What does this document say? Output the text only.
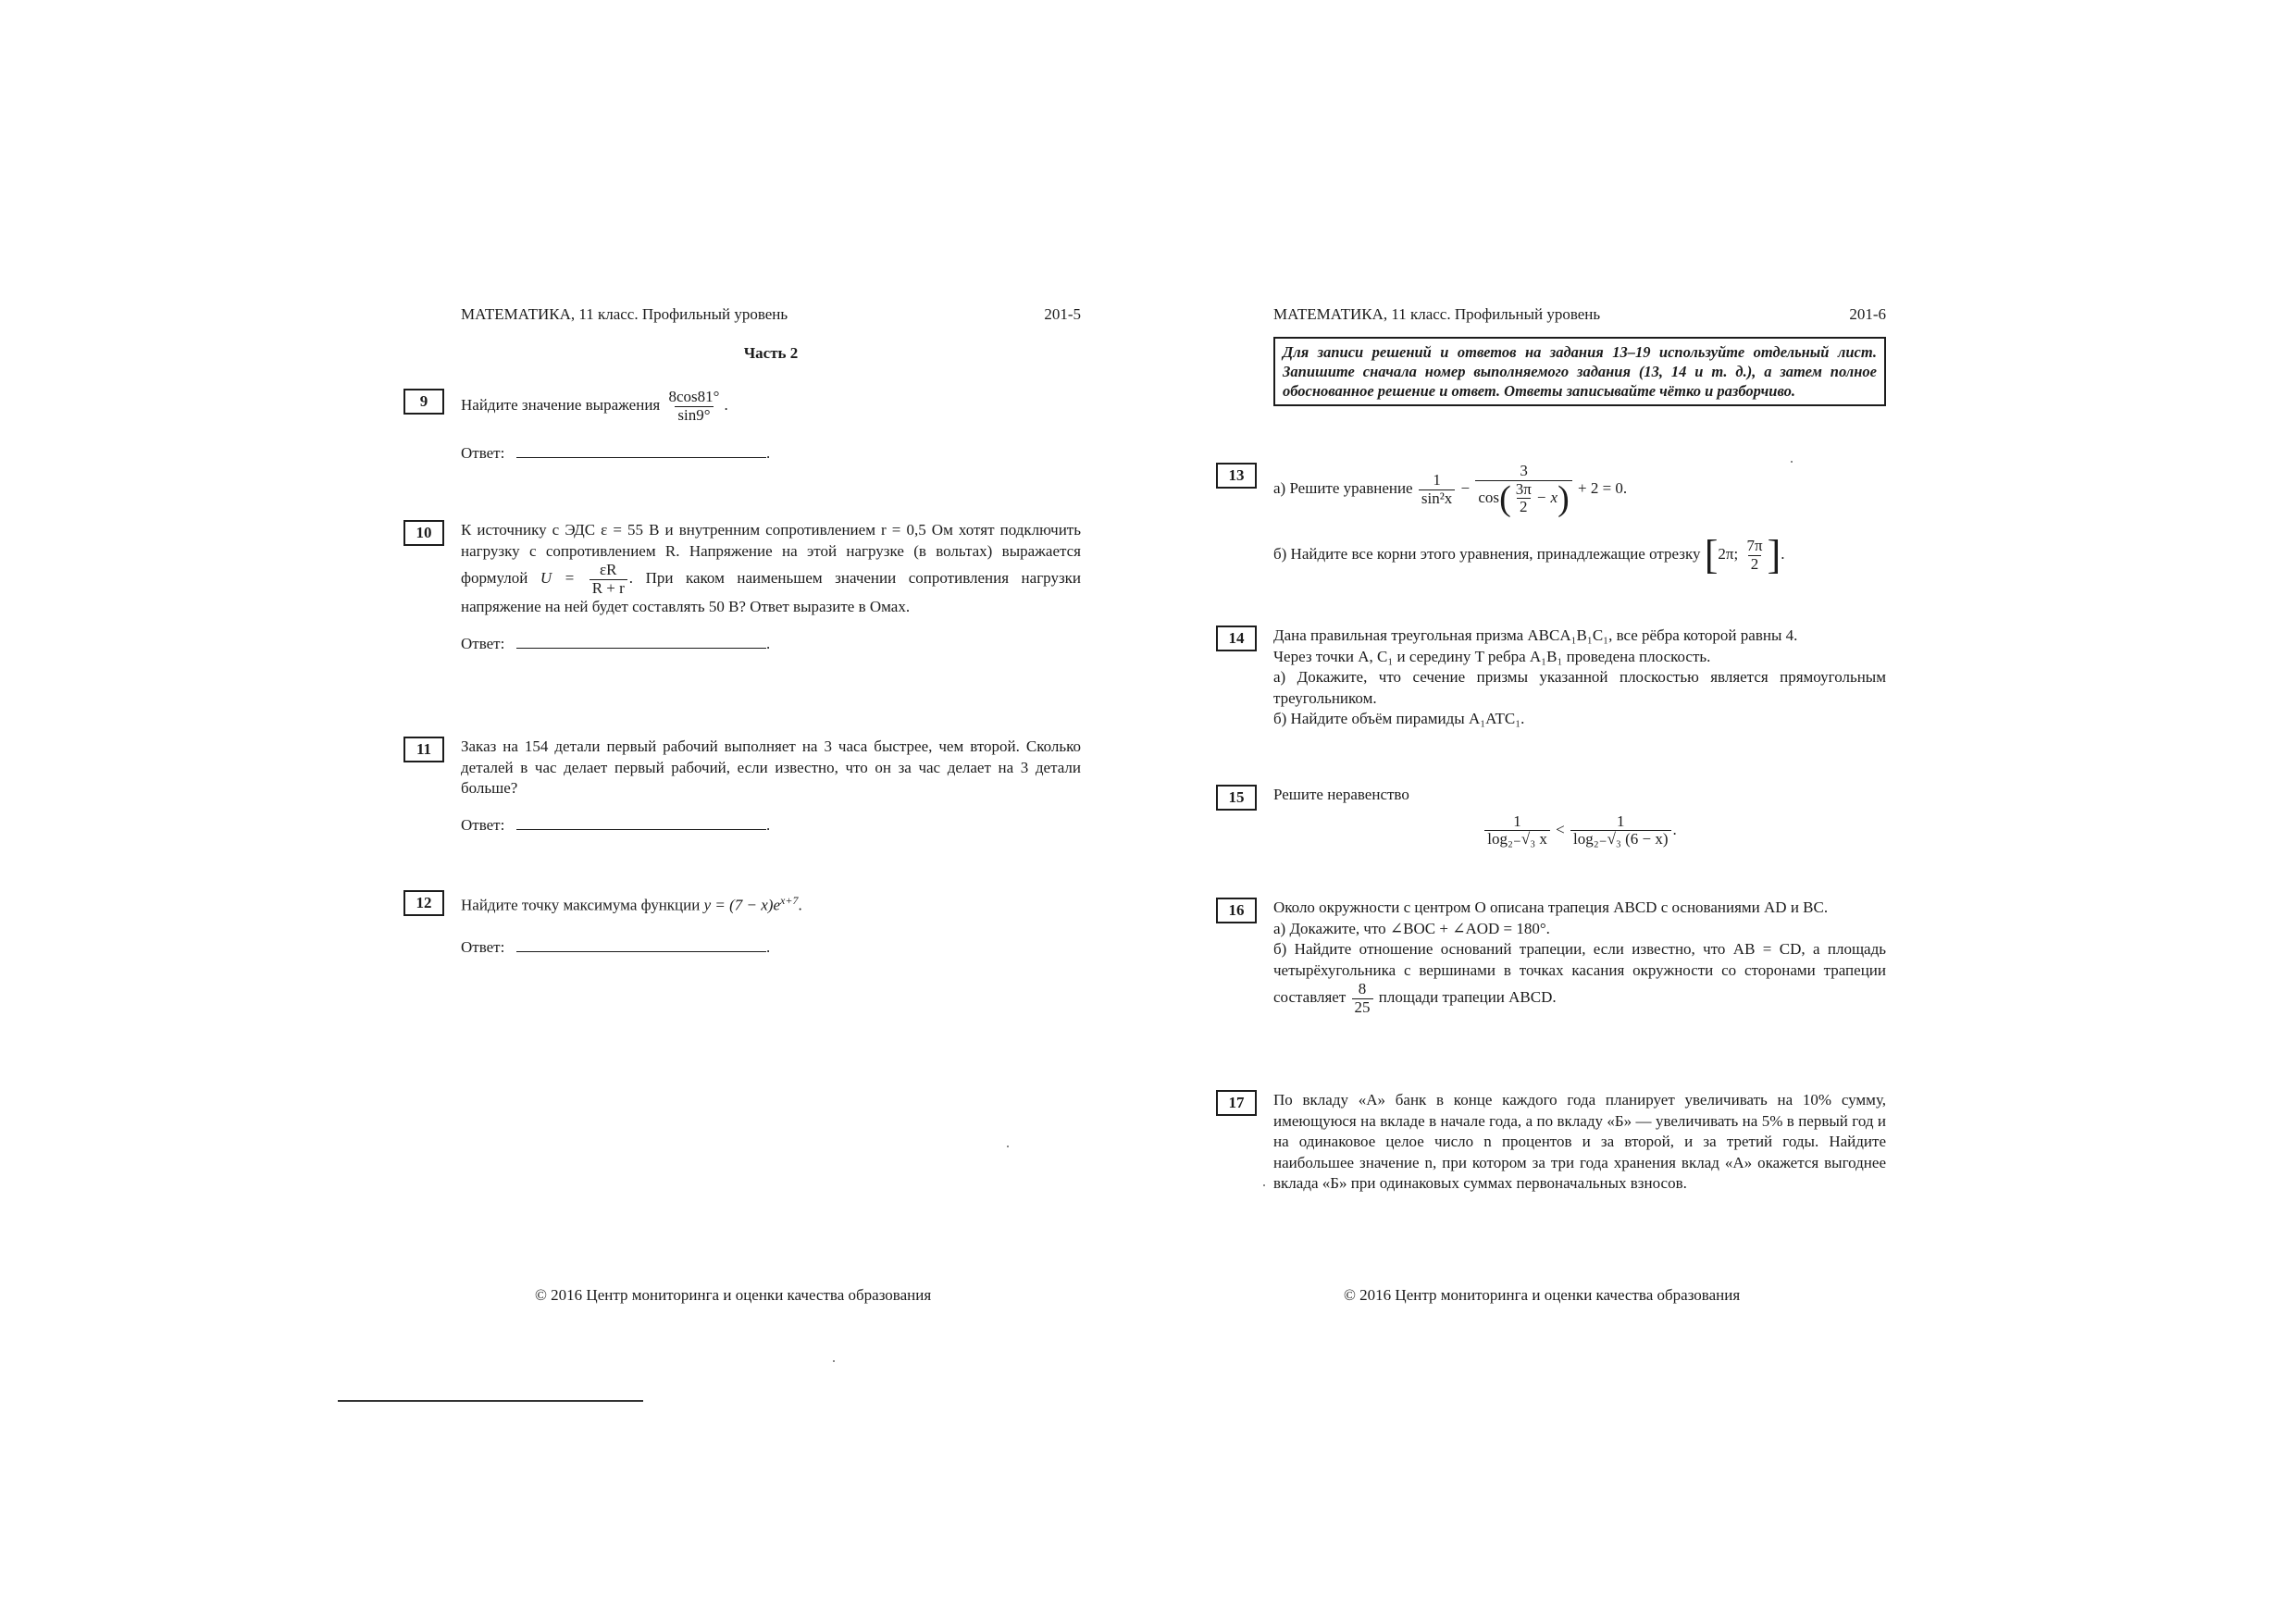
МАТЕМАТИКА, 11 класс. Профильный уровень	201-5
Часть 2
9	Найдите значение выражения $\frac{8\cos 81^\circ}{\sin 9^\circ}$ .
Ответ:	.
10	К источнику с ЭДС ε = 55 В и внутренним сопротивлением r = 0,5 Ом хотят подключить нагрузку с сопротивлением R. Напряжение на этой нагрузке (в вольтах) выражается формулой $U = \frac{\varepsilon R}{R + r}$ . При каком наименьшем значении сопротивления нагрузки напряжение на ней будет составлять 50 В? Ответ выразите в Омах.
Ответ:	.
11	Заказ на 154 детали первый рабочий выполняет на 3 часа быстрее, чем второй. Сколько деталей в час делает первый рабочий, если известно, что он за час делает на 3 детали больше?
Ответ:	.
12	Найдите точку максимума функции $y = (7 - x)e^{x+7}$.
Ответ:	.
МАТЕМАТИКА, 11 класс. Профильный уровень	201-6
Для записи решений и ответов на задания 13–19 используйте отдельный лист. Запишите сначала номер выполняемого задания (13, 14 и т. д.), а затем полное обоснованное решение и ответ. Ответы записывайте чётко и разборчиво.
13
а) Решите уравнение $\frac{1}{\text{sin²x}} - \frac{3}{\cos( \frac{3\pi}{2} - x)} + 2 = 0$.
б) Найдите все корни этого уравнения, принадлежащие отрезку [2π; $\frac{7\pi}{2}$ ].
14	Дана правильная треугольная призма ABCA₁B₁C₁, все рёбра которой равны 4.
Через точки A, C₁ и середину T ребра A₁B₁ проведена плоскость.
а) Докажите, что сечение призмы указанной плоскостью является прямоугольным треугольником.
б) Найдите объём пирамиды A₁ATC₁.
15	Решите неравенство
$\frac{1}{\text{log₂₋√₃ x}} < \frac{1}{\text{log₂₋√₃ (6 − x)}}$ .
16	Около окружности с центром O описана трапеция ABCD с основаниями AD и BC.
а) Докажите, что ∠BOC + ∠AOD = 180°.
б) Найдите отношение оснований трапеции, если известно, что AB = CD, а площадь четырёхугольника с вершинами в точках касания окружности со сторонами трапеции составляет $\frac{8}{25}$ площади трапеции ABCD.
17	По вкладу «А» банк в конце каждого года планирует увеличивать на 10% сумму, имеющуюся на вкладе в начале года, а по вкладу «Б» — увеличивать на 5% в первый год и на одинаковое целое число n процентов и за второй, и за третий годы. Найдите наибольшее значение n, при котором за три года хранения вклад «А» окажется выгоднее вклада «Б» при одинаковых суммах первоначальных взносов.
© 2016 Центр мониторинга и оценки качества образования	© 2016 Центр мониторинга и оценки качества образования
